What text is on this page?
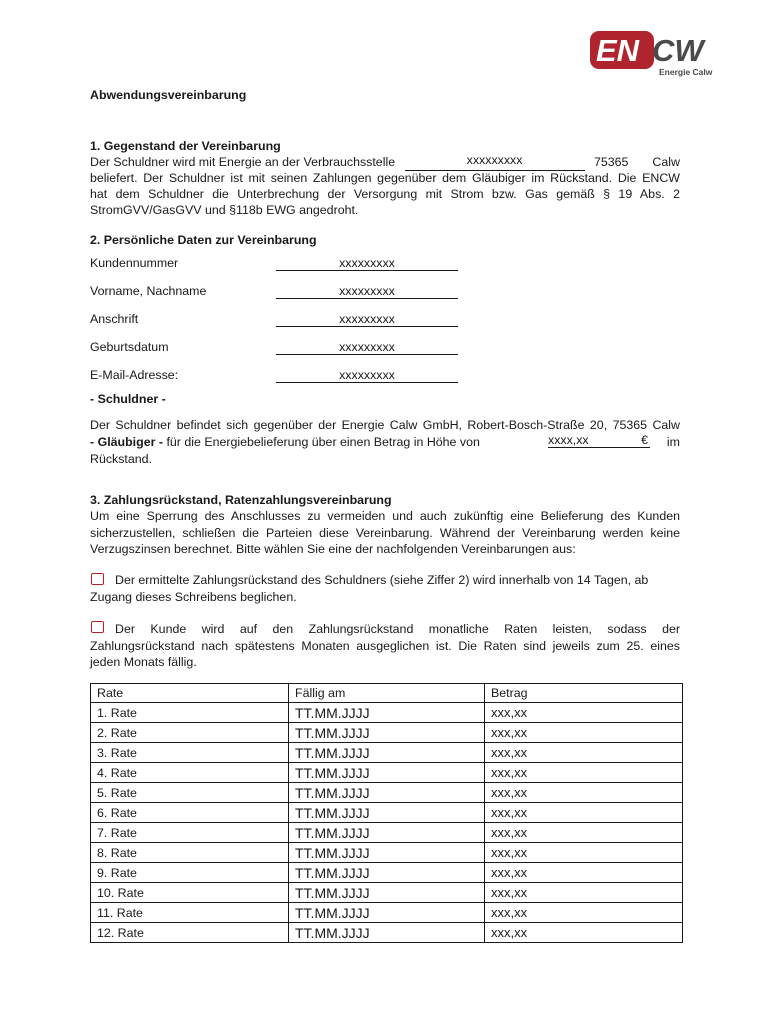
EN CW
Energie Calw
Abwendungsvereinbarung
1. Gegenstand der Vereinbarung
Der Schuldner wird mit Energie an der Verbrauchsstelle	xxxxxxxxx	75365 Calw
beliefert. Der Schuldner ist mit seinen Zahlungen gegenüber dem Gläubiger im Rückstand. Die ENCW
hat dem Schuldner die Unterbrechung der Versorgung mit Strom bzw. Gas gemäß § 19 Abs. 2
StromGVV/GasGVV und §118b EWG angedroht.
2. Persönliche Daten zur Vereinbarung
Kundennummer	xxxxxxxxx
Vorname, Nachname	xxxxxxxxx
Anschrift	xxxxxxxxx
Geburtsdatum	xxxxxxxxx
E-Mail-Adresse:	xxxxxxxxx
- Schuldner -
Der Schuldner befindet sich gegenüber der Energie Calw GmbH, Robert-Bosch-Straße 20, 75365 Calw
- Gläubiger - für die Energiebelieferung über einen Betrag in Höhe von	xxxx,xx	€ im
Rückstand.
3. Zahlungsrückstand, Ratenzahlungsvereinbarung
Um eine Sperrung des Anschlusses zu vermeiden und auch zukünftig eine Belieferung des Kunden
sicherzustellen, schließen die Parteien diese Vereinbarung. Während der Vereinbarung werden keine
Verzugszinsen berechnet. Bitte wählen Sie eine der nachfolgenden Vereinbarungen aus:
Der ermittelte Zahlungsrückstand des Schuldners (siehe Ziffer 2) wird innerhalb von 14 Tagen, ab
Zugang dieses Schreibens beglichen.
Der Kunde wird auf den Zahlungsrückstand monatliche Raten leisten, sodass der
Zahlungsrückstand nach spätestens Monaten ausgeglichen ist. Die Raten sind jeweils zum 25. eines
jeden Monats fällig.
Rate	Fällig am	Betrag
1. Rate	TT.MM.JJJJ	xxx,xx
2. Rate	TT.MM.JJJJ	xxx,xx
3. Rate	TT.MM.JJJJ	xxx,xx
4. Rate	TT.MM.JJJJ	xxx,xx
5. Rate	TT.MM.JJJJ	xxx,xx
6. Rate	TT.MM.JJJJ	xxx,xx
7. Rate	TT.MM.JJJJ	xxx,xx
8. Rate	TT.MM.JJJJ	xxx,xx
9. Rate	TT.MM.JJJJ	xxx,xx
10. Rate	TT.MM.JJJJ	xxx,xx
11. Rate	TT.MM.JJJJ	xxx,xx
12. Rate	TT.MM.JJJJ	xxx,xx
